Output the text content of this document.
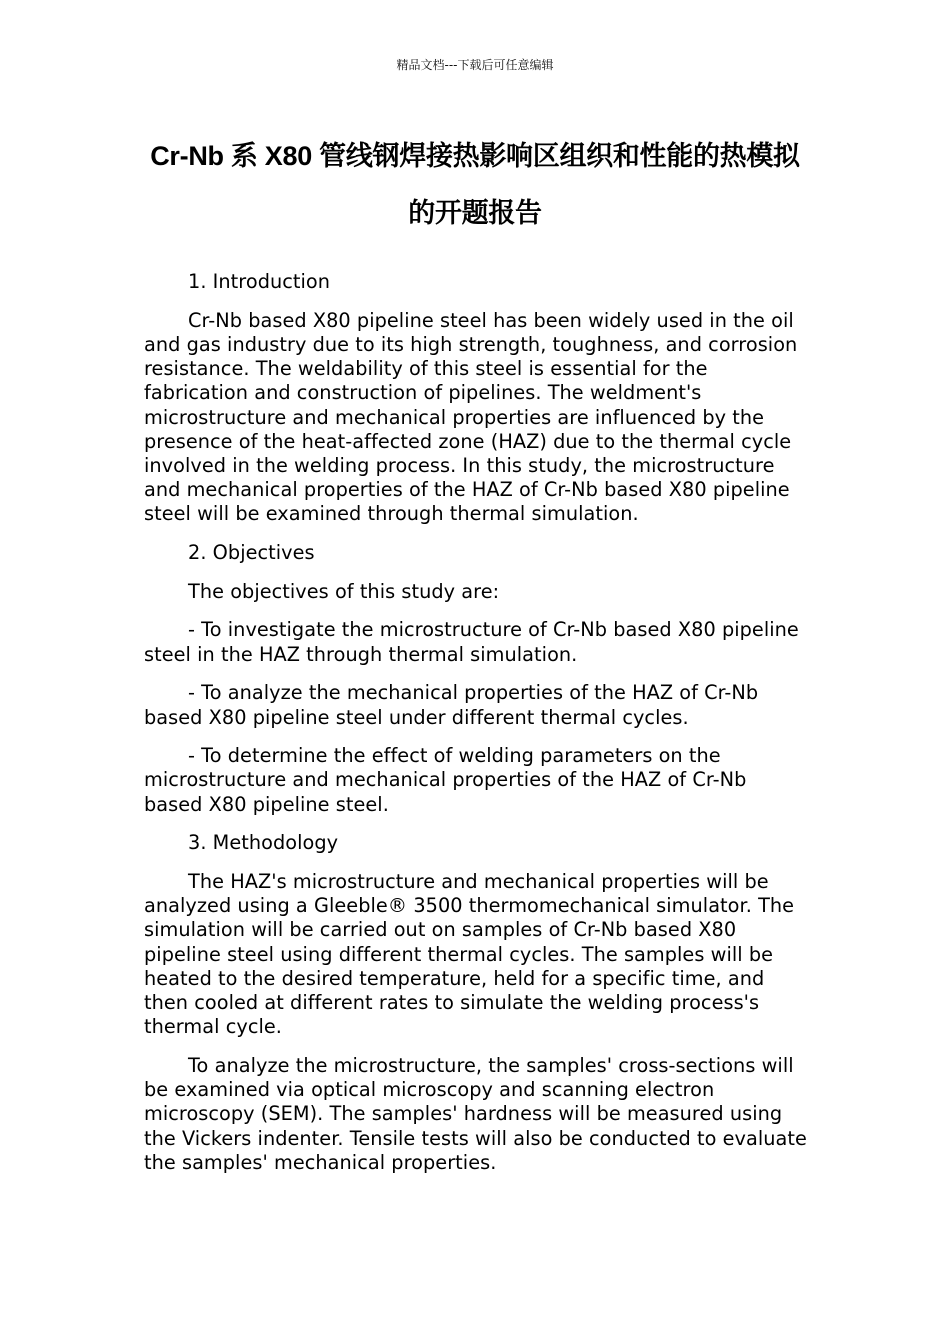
精品文档---下载后可任意编辑
Cr-Nb 系 X80 管线钢焊接热影响区组织和性能的热模拟的开题报告

1. Introduction

Cr-Nb based X80 pipeline steel has been widely used in the oil and gas industry due to its high strength, toughness, and corrosion resistance. The weldability of this steel is essential for the fabrication and construction of pipelines. The weldment's microstructure and mechanical properties are influenced by the presence of the heat-affected zone (HAZ) due to the thermal cycle involved in the welding process. In this study, the microstructure and mechanical properties of the HAZ of Cr-Nb based X80 pipeline steel will be examined through thermal simulation.

2. Objectives

The objectives of this study are:

- To investigate the microstructure of Cr-Nb based X80 pipeline steel in the HAZ through thermal simulation.

- To analyze the mechanical properties of the HAZ of Cr-Nb based X80 pipeline steel under different thermal cycles.

- To determine the effect of welding parameters on the microstructure and mechanical properties of the HAZ of Cr-Nb based X80 pipeline steel.

3. Methodology

The HAZ's microstructure and mechanical properties will be analyzed using a Gleeble® 3500 thermomechanical simulator. The simulation will be carried out on samples of Cr-Nb based X80 pipeline steel using different thermal cycles. The samples will be heated to the desired temperature, held for a specific time, and then cooled at different rates to simulate the welding process's thermal cycle.

To analyze the microstructure, the samples' cross-sections will be examined via optical microscopy and scanning electron microscopy (SEM). The samples' hardness will be measured using the Vickers indenter. Tensile tests will also be conducted to evaluate the samples' mechanical properties.
